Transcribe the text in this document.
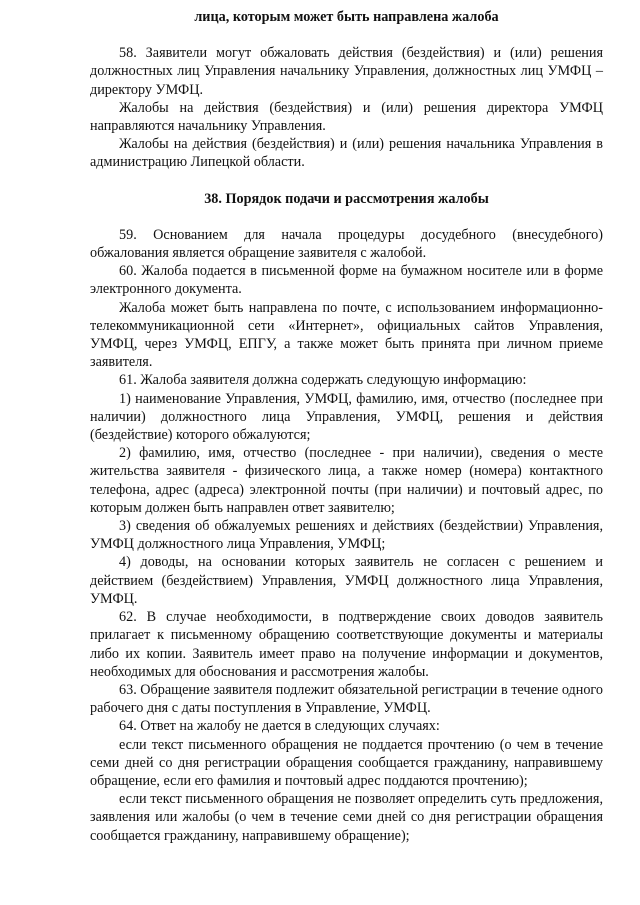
лица, которым может быть направлена жалоба

58. Заявители могут обжаловать действия (бездействия) и (или) решения должностных лиц Управления начальнику Управления, должностных лиц УМФЦ – директору УМФЦ.

Жалобы на действия (бездействия) и (или) решения директора УМФЦ направляются начальнику Управления.

Жалобы на действия (бездействия) и (или) решения начальника Управления в администрацию Липецкой области.

38. Порядок подачи и рассмотрения жалобы

59. Основанием для начала процедуры досудебного (внесудебного) обжалования является обращение заявителя с жалобой.

60. Жалоба подается в письменной форме на бумажном носителе или в форме электронного документа.

Жалоба может быть направлена по почте, с использованием информационно-телекоммуникационной сети «Интернет», официальных сайтов Управления, УМФЦ, через УМФЦ, ЕПГУ, а также может быть принята при личном приеме заявителя.

61. Жалоба заявителя должна содержать следующую информацию:

1) наименование Управления, УМФЦ, фамилию, имя, отчество (последнее при наличии) должностного лица Управления, УМФЦ, решения и действия (бездействие) которого обжалуются;

2) фамилию, имя, отчество (последнее - при наличии), сведения о месте жительства заявителя - физического лица, а также номер (номера) контактного телефона, адрес (адреса) электронной почты (при наличии) и почтовый адрес, по которым должен быть направлен ответ заявителю;

3) сведения об обжалуемых решениях и действиях (бездействии) Управления, УМФЦ должностного лица Управления, УМФЦ;

4) доводы, на основании которых заявитель не согласен с решением и действием (бездействием) Управления, УМФЦ должностного лица Управления, УМФЦ.

62. В случае необходимости, в подтверждение своих доводов заявитель прилагает к письменному обращению соответствующие документы и материалы либо их копии. Заявитель имеет право на получение информации и документов, необходимых для обоснования и рассмотрения жалобы.

63. Обращение заявителя подлежит обязательной регистрации в течение одного рабочего дня с даты поступления в Управление, УМФЦ.

64. Ответ на жалобу не дается в следующих случаях:

если текст письменного обращения не поддается прочтению (о чем в течение семи дней со дня регистрации обращения сообщается гражданину, направившему обращение, если его фамилия и почтовый адрес поддаются прочтению);

если текст письменного обращения не позволяет определить суть предложения, заявления или жалобы (о чем в течение семи дней со дня регистрации обращения сообщается гражданину, направившему обращение);
